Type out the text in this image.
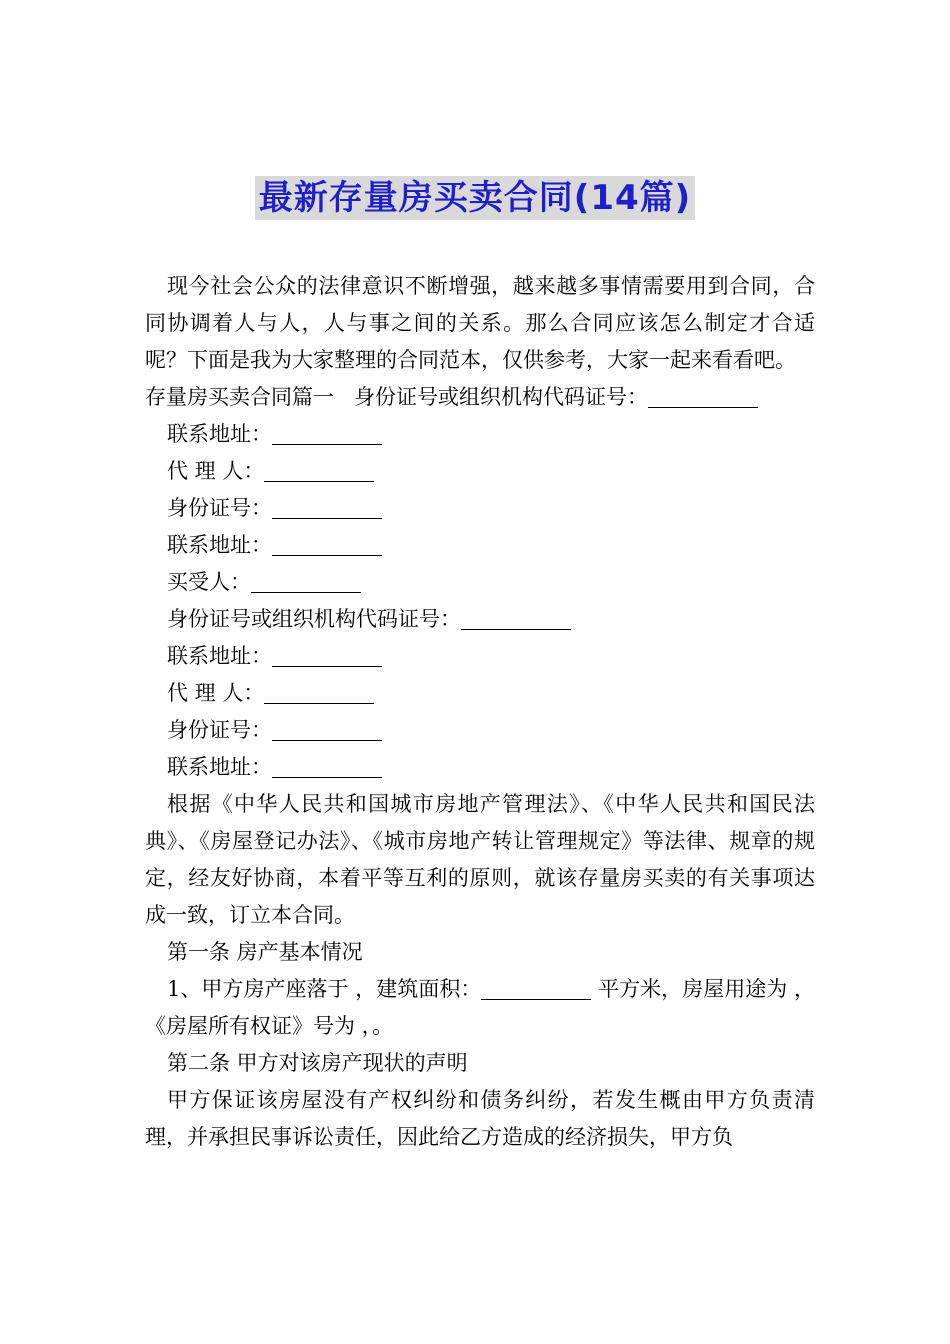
最新存量房买卖合同(14篇)

现今社会公众的法律意识不断增强，越来越多事情需要用到合同，合同协调着人与人，人与事之间的关系。那么合同应该怎么制定才合适呢？下面是我为大家整理的合同范本，仅供参考，大家一起来看看吧。

存量房买卖合同篇一 身份证号或组织机构代码证号：

联系地址：

代 理 人：

身份证号：

联系地址：

买受人：

身份证号或组织机构代码证号：

联系地址：

代 理 人：

身份证号：

联系地址：

根据《中华人民共和国城市房地产管理法》、《中华人民共和国民法典》、《房屋登记办法》、《城市房地产转让管理规定》等法律、规章的规定，经友好协商，本着平等互利的原则，就该存量房买卖的有关事项达成一致，订立本合同。

第一条 房产基本情况

1、甲方房产座落于 ，建筑面积：	平方米，房屋用途为 ，《房屋所有权证》号为 ，。

第二条 甲方对该房产现状的声明

甲方保证该房屋没有产权纠纷和债务纠纷，若发生概由甲方负责清理，并承担民事诉讼责任，因此给乙方造成的经济损失，甲方负
